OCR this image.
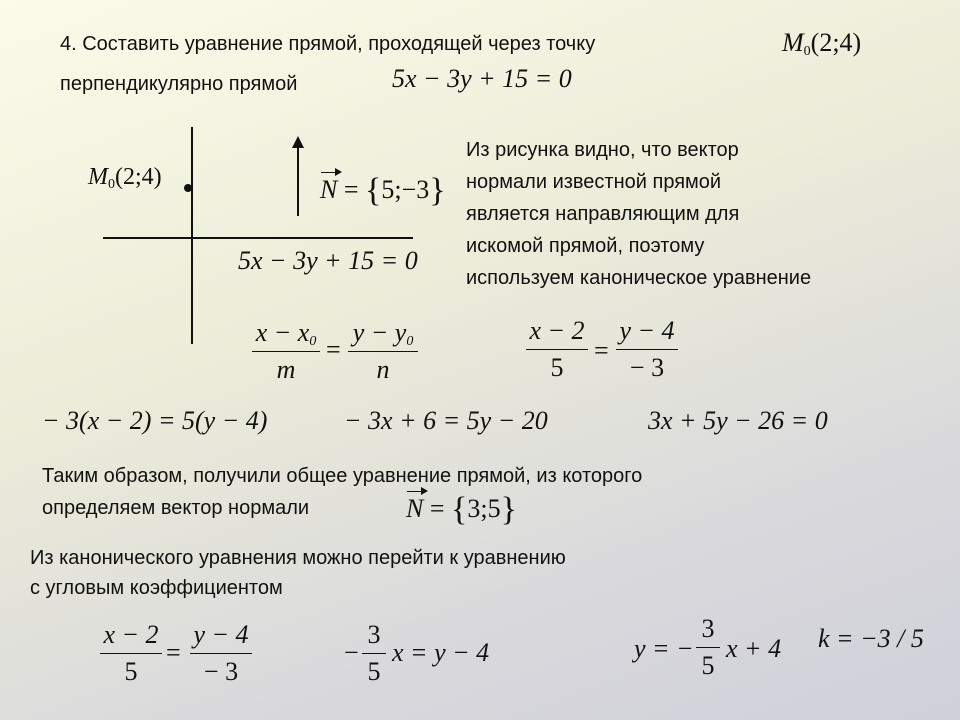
4. Составить уравнение прямой, проходящей через точку	$M_0(2;4)$
перпендикулярно прямой	5x − 3y + 15 = 0
$M_0(2;4)$	N = {5;−3}
5x − 3y + 15 = 0
Из рисунка видно, что вектор
нормали известной прямой
является направляющим для
искомой прямой, поэтому
используем каноническое уравнение
$x - x_0$
m
=
$y - y_0$
n
x − 2
5
=
y − 4
− 3
− 3(x − 2) = 5(y − 4)	− 3x + 6 = 5y − 20	3x + 5y − 26 = 0
Таким образом, получили общее уравнение прямой, из которого
определяем вектор нормали	N = {3;5}
Из канонического уравнения можно перейти к уравнению
с угловым коэффициентом
x − 2
5
=
y − 4
− 3
−
3
5
x = y − 4	y = −
3
5
x + 4 k = −3 / 5
